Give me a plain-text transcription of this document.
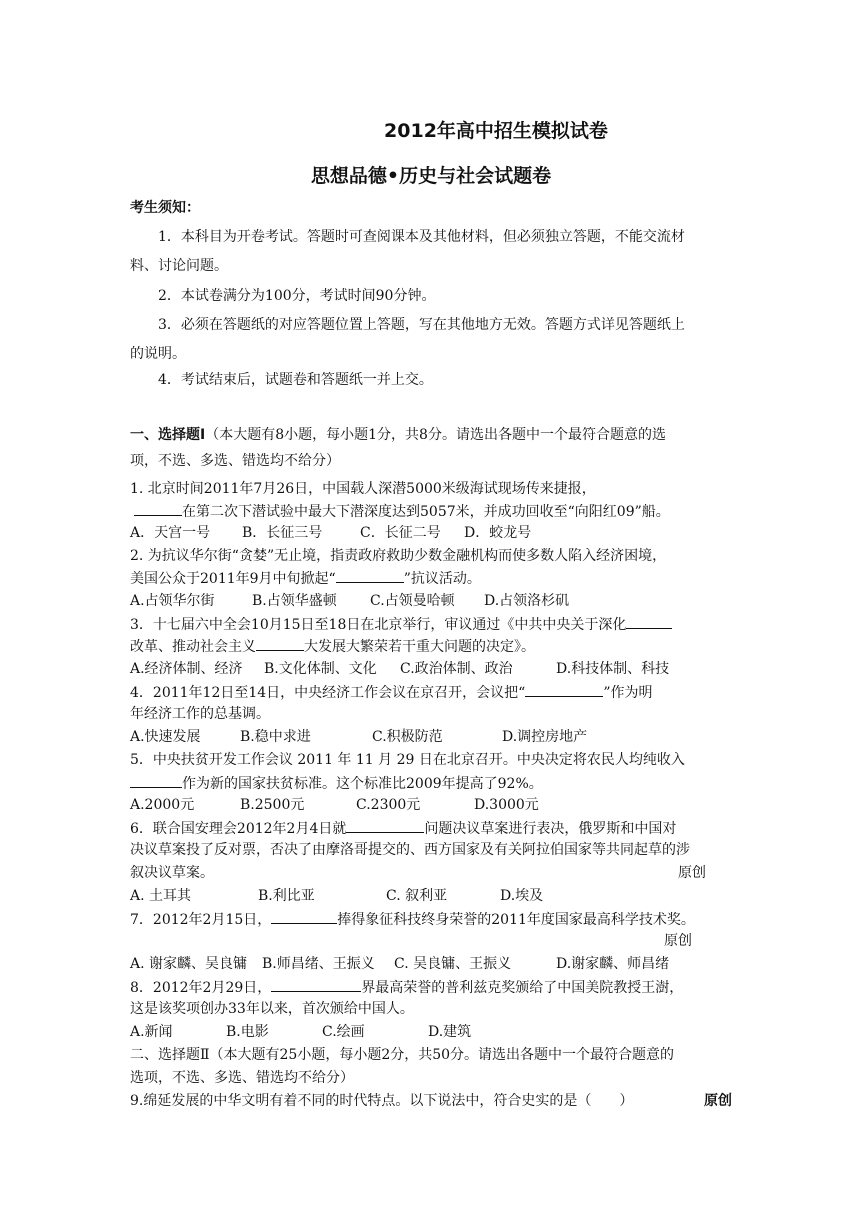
2012年高中招生模拟试卷
思想品德•历史与社会试题卷
考生须知：
1．本科目为开卷考试。答题时可查阅课本及其他材料，但必须独立答题，不能交流材
料、讨论问题。
2．本试卷满分为100分，考试时间90分钟。
3．必须在答题纸的对应答题位置上答题，写在其他地方无效。答题方式详见答题纸上
的说明。
4．考试结束后，试题卷和答题纸一并上交。
一、选择题Ⅰ（本大题有8小题，每小题1分，共8分。请选出各题中一个最符合题意的选
项，不选、多选、错选均不给分）
1. 北京时间2011年7月26日，中国载人深潜5000米级海试现场传来捷报，
在第二次下潜试验中最大下潜深度达到5057米，并成功回收至“向阳红09”船。
A．天宫一号 B．长征三号	C．长征二号 D．蛟龙号
2. 为抗议华尔街“贪婪”无止境，指责政府救助少数金融机构而使多数人陷入经济困境，
美国公众于2011年9月中旬掀起“	”抗议活动。
A.占领华尔街	B.占领华盛顿 C.占领曼哈顿 D.占领洛杉矶
3．十七届六中全会10月15日至18日在北京举行，审议通过《中共中央关于深化
改革、推动社会主义	大发展大繁荣若干重大问题的决定》。
A.经济体制、经济 B.文化体制、文化 C.政治体制、政治	D.科技体制、科技
4．2011年12日至14日，中央经济工作会议在京召开，会议把“	”作为明
年经济工作的总基调。
A.快速发展	B.稳中求进	C.积极防范	D.调控房地产
5．中央扶贫开发工作会议 2011 年 11 月 29 日在北京召开。中央决定将农民人均纯收入
作为新的国家扶贫标准。这个标准比2009年提高了92%。
A.2000元	B.2500元	C.2300元	D.3000元
6．联合国安理会2012年2月4日就	问题决议草案进行表决，俄罗斯和中国对
决议草案投了反对票，否决了由摩洛哥提交的、西方国家及有关阿拉伯国家等共同起草的涉
叙决议草案。	原创
A. 土耳其	B.利比亚	C. 叙利亚	D.埃及
7．2012年2月15日，	捧得象征科技终身荣誉的2011年度国家最高科学技术奖。
原创
A. 谢家麟、吴良镛 B.师昌绪、王振义 C. 吴良镛、王振义	D.谢家麟、师昌绪
8．2012年2月29日，	界最高荣誉的普利兹克奖颁给了中国美院教授王澍，
这是该奖项创办33年以来，首次颁给中国人。
A.新闻	B.电影	C.绘画	D.建筑
二、选择题Ⅱ（本大题有25小题，每小题2分，共50分。请选出各题中一个最符合题意的
选项，不选、多选、错选均不给分）
9.绵延发展的中华文明有着不同的时代特点。以下说法中，符合史实的是（　　）	原创
